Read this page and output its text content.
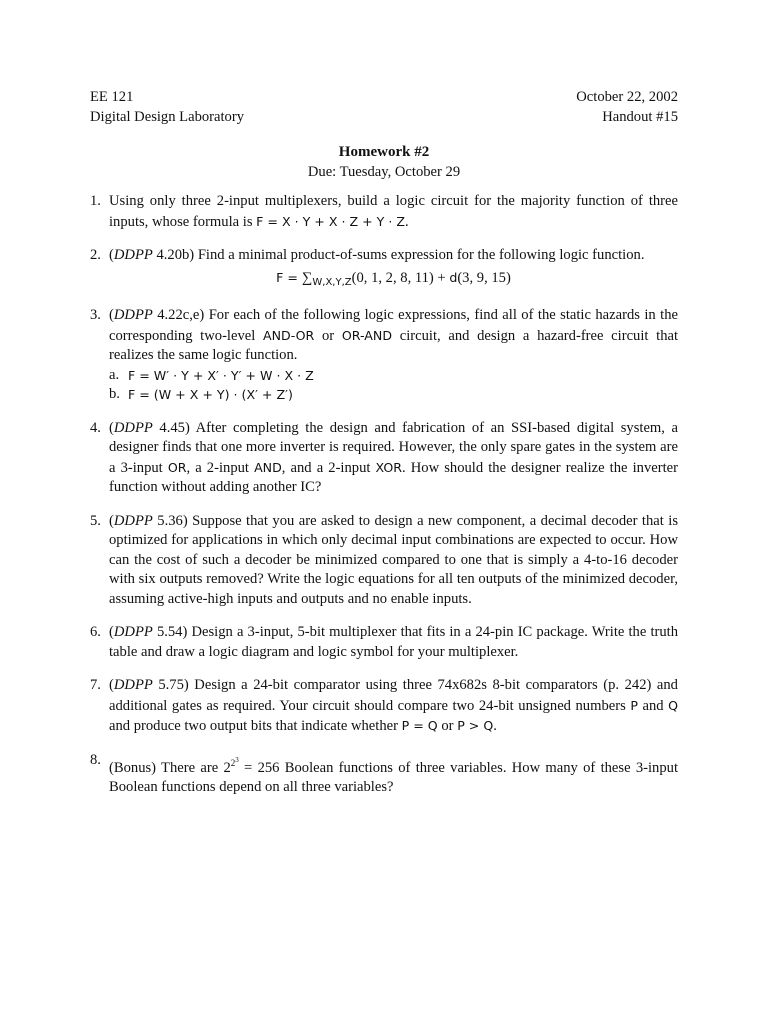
EE 121
Digital Design Laboratory
October 22, 2002
Handout #15
Homework #2
Due: Tuesday, October 29
1. Using only three 2-input multiplexers, build a logic circuit for the majority function of three inputs, whose formula is F = X · Y + X · Z + Y · Z.
2. (DDPP 4.20b) Find a minimal product-of-sums expression for the following logic function.
$F = \sum_{W,X,Y,Z}(0$, 1, 2, 8, 11) + d(3, 9, 15)
3. (DDPP 4.22c,e) For each of the following logic expressions, find all of the static hazards in the corresponding two-level AND-OR or OR-AND circuit, and design a hazard-free circuit that realizes the same logic function.
a. F = W′ · Y + X′ · Y′ + W · X · Z
b. F = (W + X + Y) · (X′ + Z′)
4. (DDPP 4.45) After completing the design and fabrication of an SSI-based digital system, a designer finds that one more inverter is required. However, the only spare gates in the system are a 3-input OR, a 2-input AND, and a 2-input XOR. How should the designer realize the inverter function without adding another IC?
5. (DDPP 5.36) Suppose that you are asked to design a new component, a decimal decoder that is optimized for applications in which only decimal input combinations are expected to occur. How can the cost of such a decoder be minimized compared to one that is simply a 4-to-16 decoder with six outputs removed? Write the logic equations for all ten outputs of the minimized decoder, assuming active-high inputs and outputs and no enable inputs.
6. (DDPP 5.54) Design a 3-input, 5-bit multiplexer that fits in a 24-pin IC package. Write the truth table and draw a logic diagram and logic symbol for your multiplexer.
7. (DDPP 5.75) Design a 24-bit comparator using three 74x682s 8-bit comparators (p. 242) and additional gates as required. Your circuit should compare two 24-bit unsigned numbers P and Q and produce two output bits that indicate whether P = Q or P > Q.
8. (Bonus) There are $2^{23} = 256$ Boolean functions of three variables. How many of these 3-input Boolean functions depend on all three variables?
